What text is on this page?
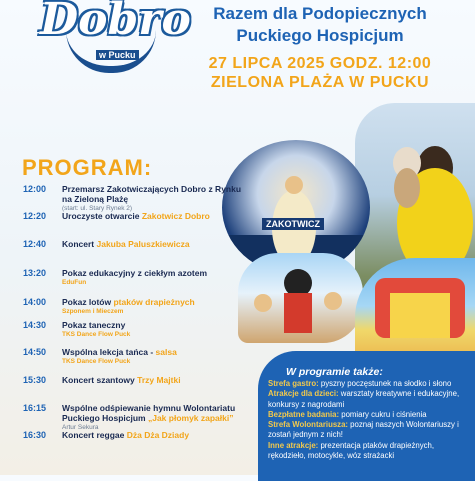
Dobro
w Pucku
Razem dla Podopiecznych
Puckiego Hospicjum
27 LIPCA 2025 GODZ. 12:00
ZIELONA PLAŻA W PUCKU
ZAKOTWICZ
PROGRAM:
12:00 Przemarsz Zakotwiczających Dobro z Rynku na Zieloną Plażę
(start: ul. Stary Rynek 2)
12:20 Uroczyste otwarcie Zakotwicz Dobro
12:40 Koncert Jakuba Paluszkiewicza
13:20 Pokaz edukacyjny z ciekłym azotem
EduFun
14:00 Pokaz lotów ptaków drapieżnych
Szponem i Mieczem
14:30 Pokaz taneczny
TKS Dance Flow Puck
14:50 Wspólna lekcja tańca - salsa
TKS Dance Flow Puck
15:30 Koncert szantowy Trzy Majtki
16:15 Wspólne odśpiewanie hymnu Wolontariatu Puckiego Hospicjum „Jak płomyk zapałki”
Artur Sekura
16:30 Koncert reggae Dża Dża Dziady
W programie także:
Strefa gastro: pyszny poczęstunek na słodko i słono
Atrakcje dla dzieci: warsztaty kreatywne i edukacyjne, konkursy z nagrodami
Bezpłatne badania: pomiary cukru i ciśnienia
Strefa Wolontariusza: poznaj naszych Wolontariuszy i zostań jednym z nich!
Inne atrakcje: prezentacja ptaków drapieżnych, rękodzieło, motocykle, wóz strażacki
